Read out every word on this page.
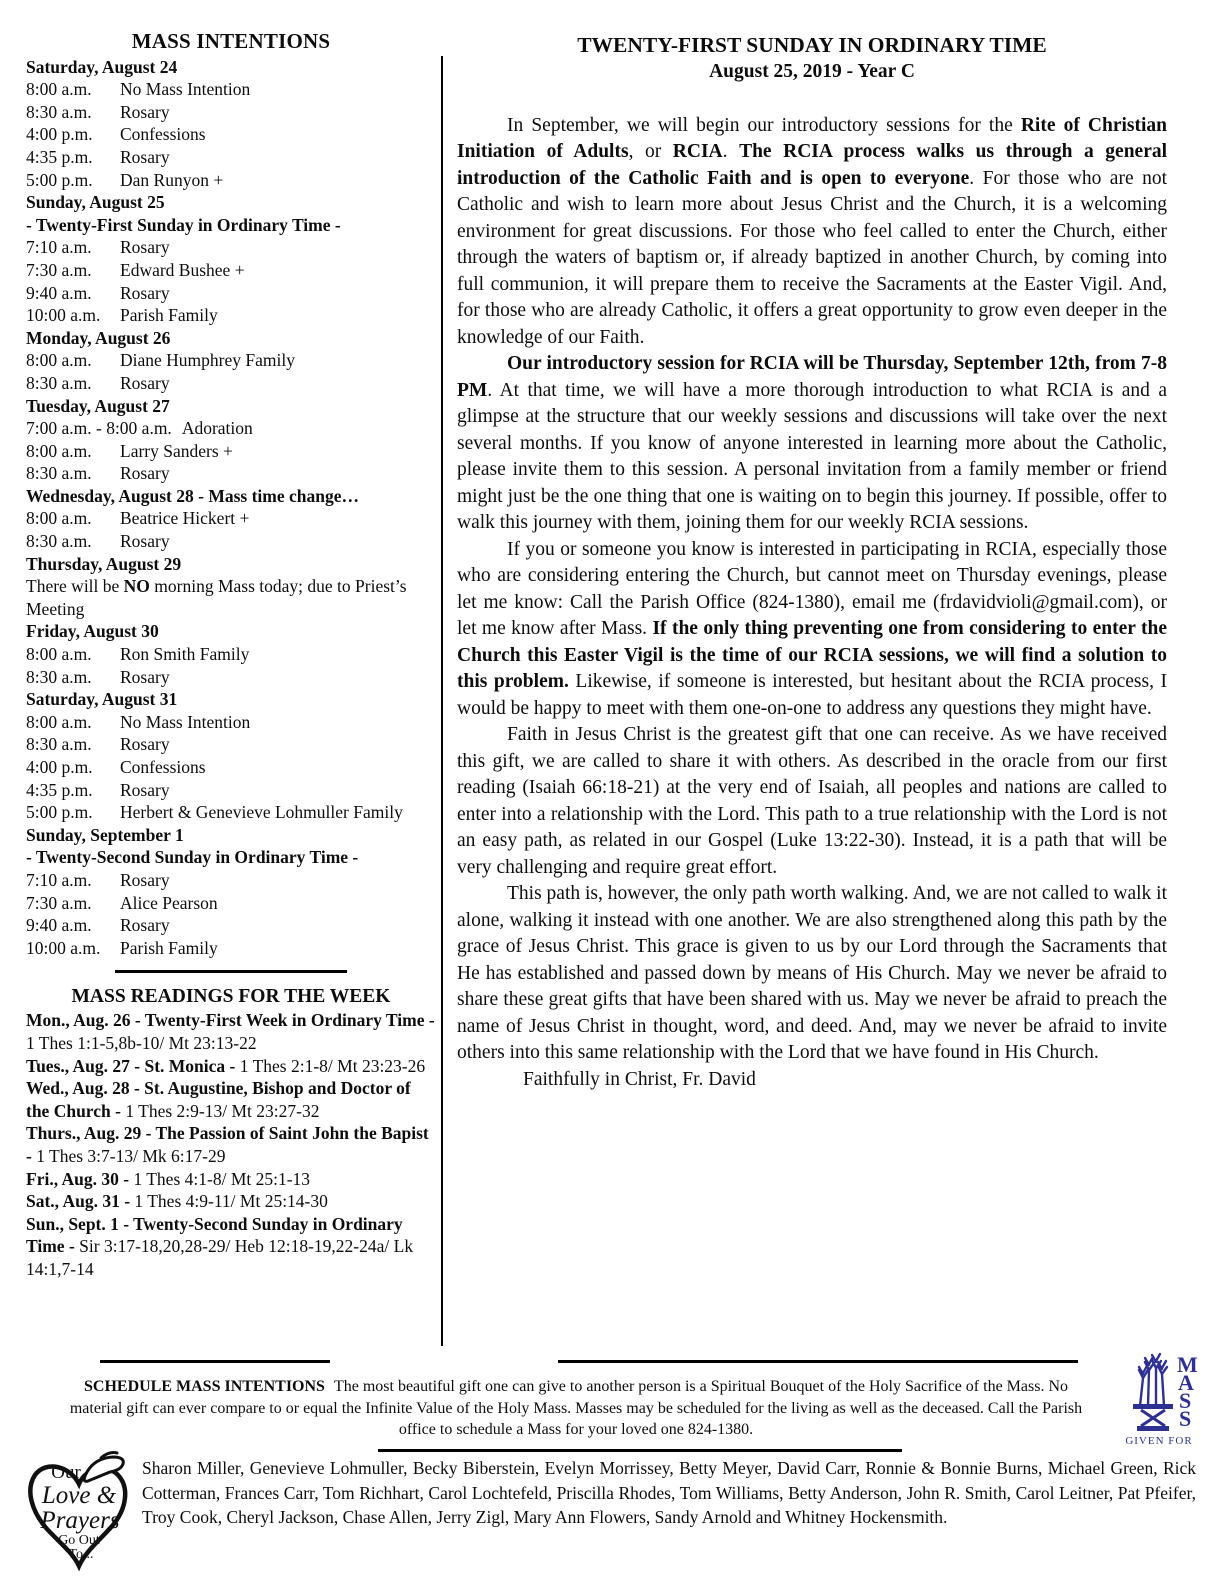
MASS INTENTIONS
Saturday, August 24
8:00 a.m.	No Mass Intention
8:30 a.m.	Rosary
4:00 p.m.	Confessions
4:35 p.m.	Rosary
5:00 p.m.	Dan Runyon +
Sunday, August 25
- Twenty-First Sunday in Ordinary Time -
7:10 a.m.	Rosary
7:30 a.m.	Edward Bushee +
9:40 a.m.	Rosary
10:00 a.m.	Parish Family
Monday, August 26
8:00 a.m.	Diane Humphrey Family
8:30 a.m.	Rosary
Tuesday, August 27
7:00 a.m. - 8:00 a.m. Adoration
8:00 a.m.	Larry Sanders +
8:30 a.m.	Rosary
Wednesday, August 28 - Mass time change…
8:00 a.m.	Beatrice Hickert +
8:30 a.m.	Rosary
Thursday, August 29
There will be NO morning Mass today; due to Priest’s Meeting
Friday, August 30
8:00 a.m.	Ron Smith Family
8:30 a.m.	Rosary
Saturday, August 31
8:00 a.m.	No Mass Intention
8:30 a.m.	Rosary
4:00 p.m.	Confessions
4:35 p.m.	Rosary
5:00 p.m.	Herbert & Genevieve Lohmuller Family
Sunday, September 1
- Twenty-Second Sunday in Ordinary Time -
7:10 a.m.	Rosary
7:30 a.m.	Alice Pearson
9:40 a.m.	Rosary
10:00 a.m.	Parish Family
MASS READINGS FOR THE WEEK

Mon., Aug. 26 - Twenty-First Week in Ordinary Time - 1 Thes 1:1-5,8b-10/ Mt 23:13-22

Tues., Aug. 27 - St. Monica - 1 Thes 2:1-8/ Mt 23:23-26

Wed., Aug. 28 - St. Augustine, Bishop and Doctor of the Church - 1 Thes 2:9-13/ Mt 23:27-32

Thurs., Aug. 29 - The Passion of Saint John the Bapist - 1 Thes 3:7-13/ Mk 6:17-29

Fri., Aug. 30 - 1 Thes 4:1-8/ Mt 25:1-13

Sat., Aug. 31 - 1 Thes 4:9-11/ Mt 25:14-30

Sun., Sept. 1 - Twenty-Second Sunday in Ordinary Time - Sir 3:17-18,20,28-29/ Heb 12:18-19,22-24a/ Lk 14:1,7-14

TWENTY-FIRST SUNDAY IN ORDINARY TIME
August 25, 2019 - Year C

In September, we will begin our introductory sessions for the Rite of Christian Initiation of Adults, or RCIA. The RCIA process walks us through a general introduction of the Catholic Faith and is open to everyone. For those who are not Catholic and wish to learn more about Jesus Christ and the Church, it is a welcoming environment for great discussions. For those who feel called to enter the Church, either through the waters of baptism or, if already baptized in another Church, by coming into full communion, it will prepare them to receive the Sacraments at the Easter Vigil. And, for those who are already Catholic, it offers a great opportunity to grow even deeper in the knowledge of our Faith.

Our introductory session for RCIA will be Thursday, September 12th, from 7-8 PM. At that time, we will have a more thorough introduction to what RCIA is and a glimpse at the structure that our weekly sessions and discussions will take over the next several months. If you know of anyone interested in learning more about the Catholic, please invite them to this session. A personal invitation from a family member or friend might just be the one thing that one is waiting on to begin this journey. If possible, offer to walk this journey with them, joining them for our weekly RCIA sessions.

If you or someone you know is interested in participating in RCIA, especially those who are considering entering the Church, but cannot meet on Thursday evenings, please let me know: Call the Parish Office (824-1380), email me (frdavidvioli@gmail.com), or let me know after Mass. If the only thing preventing one from considering to enter the Church this Easter Vigil is the time of our RCIA sessions, we will find a solution to this problem. Likewise, if someone is interested, but hesitant about the RCIA process, I would be happy to meet with them one-on-one to address any questions they might have.

Faith in Jesus Christ is the greatest gift that one can receive. As we have received this gift, we are called to share it with others. As described in the oracle from our first reading (Isaiah 66:18-21) at the very end of Isaiah, all peoples and nations are called to enter into a relationship with the Lord. This path to a true relationship with the Lord is not an easy path, as related in our Gospel (Luke 13:22-30). Instead, it is a path that will be very challenging and require great effort.

This path is, however, the only path worth walking. And, we are not called to walk it alone, walking it instead with one another. We are also strengthened along this path by the grace of Jesus Christ. This grace is given to us by our Lord through the Sacraments that He has established and passed down by means of His Church. May we never be afraid to share these great gifts that have been shared with us. May we never be afraid to preach the name of Jesus Christ in thought, word, and deed. And, may we never be afraid to invite others into this same relationship with the Lord that we have found in His Church.

Faithfully in Christ, Fr. David

SCHEDULE MASS INTENTIONS The most beautiful gift one can give to another person is a Spiritual Bouquet of the Holy Sacrifice of the Mass. No material gift can ever compare to or equal the Infinite Value of the Holy Mass. Masses may be scheduled for the living as well as the deceased. Call the Parish office to schedule a Mass for your loved one 824-1380.

M
A
S
S
GIVEN FOR
Our
Love &
Prayers
Go Out
To...

Sharon Miller, Genevieve Lohmuller, Becky Biberstein, Evelyn Morrissey, Betty Meyer, David Carr, Ronnie & Bonnie Burns, Michael Green, Rick Cotterman, Frances Carr, Tom Richhart, Carol Lochtefeld, Priscilla Rhodes, Tom Williams, Betty Anderson, John R. Smith, Carol Leitner, Pat Pfeifer, Troy Cook, Cheryl Jackson, Chase Allen, Jerry Zigl, Mary Ann Flowers, Sandy Arnold and Whitney Hockensmith.
